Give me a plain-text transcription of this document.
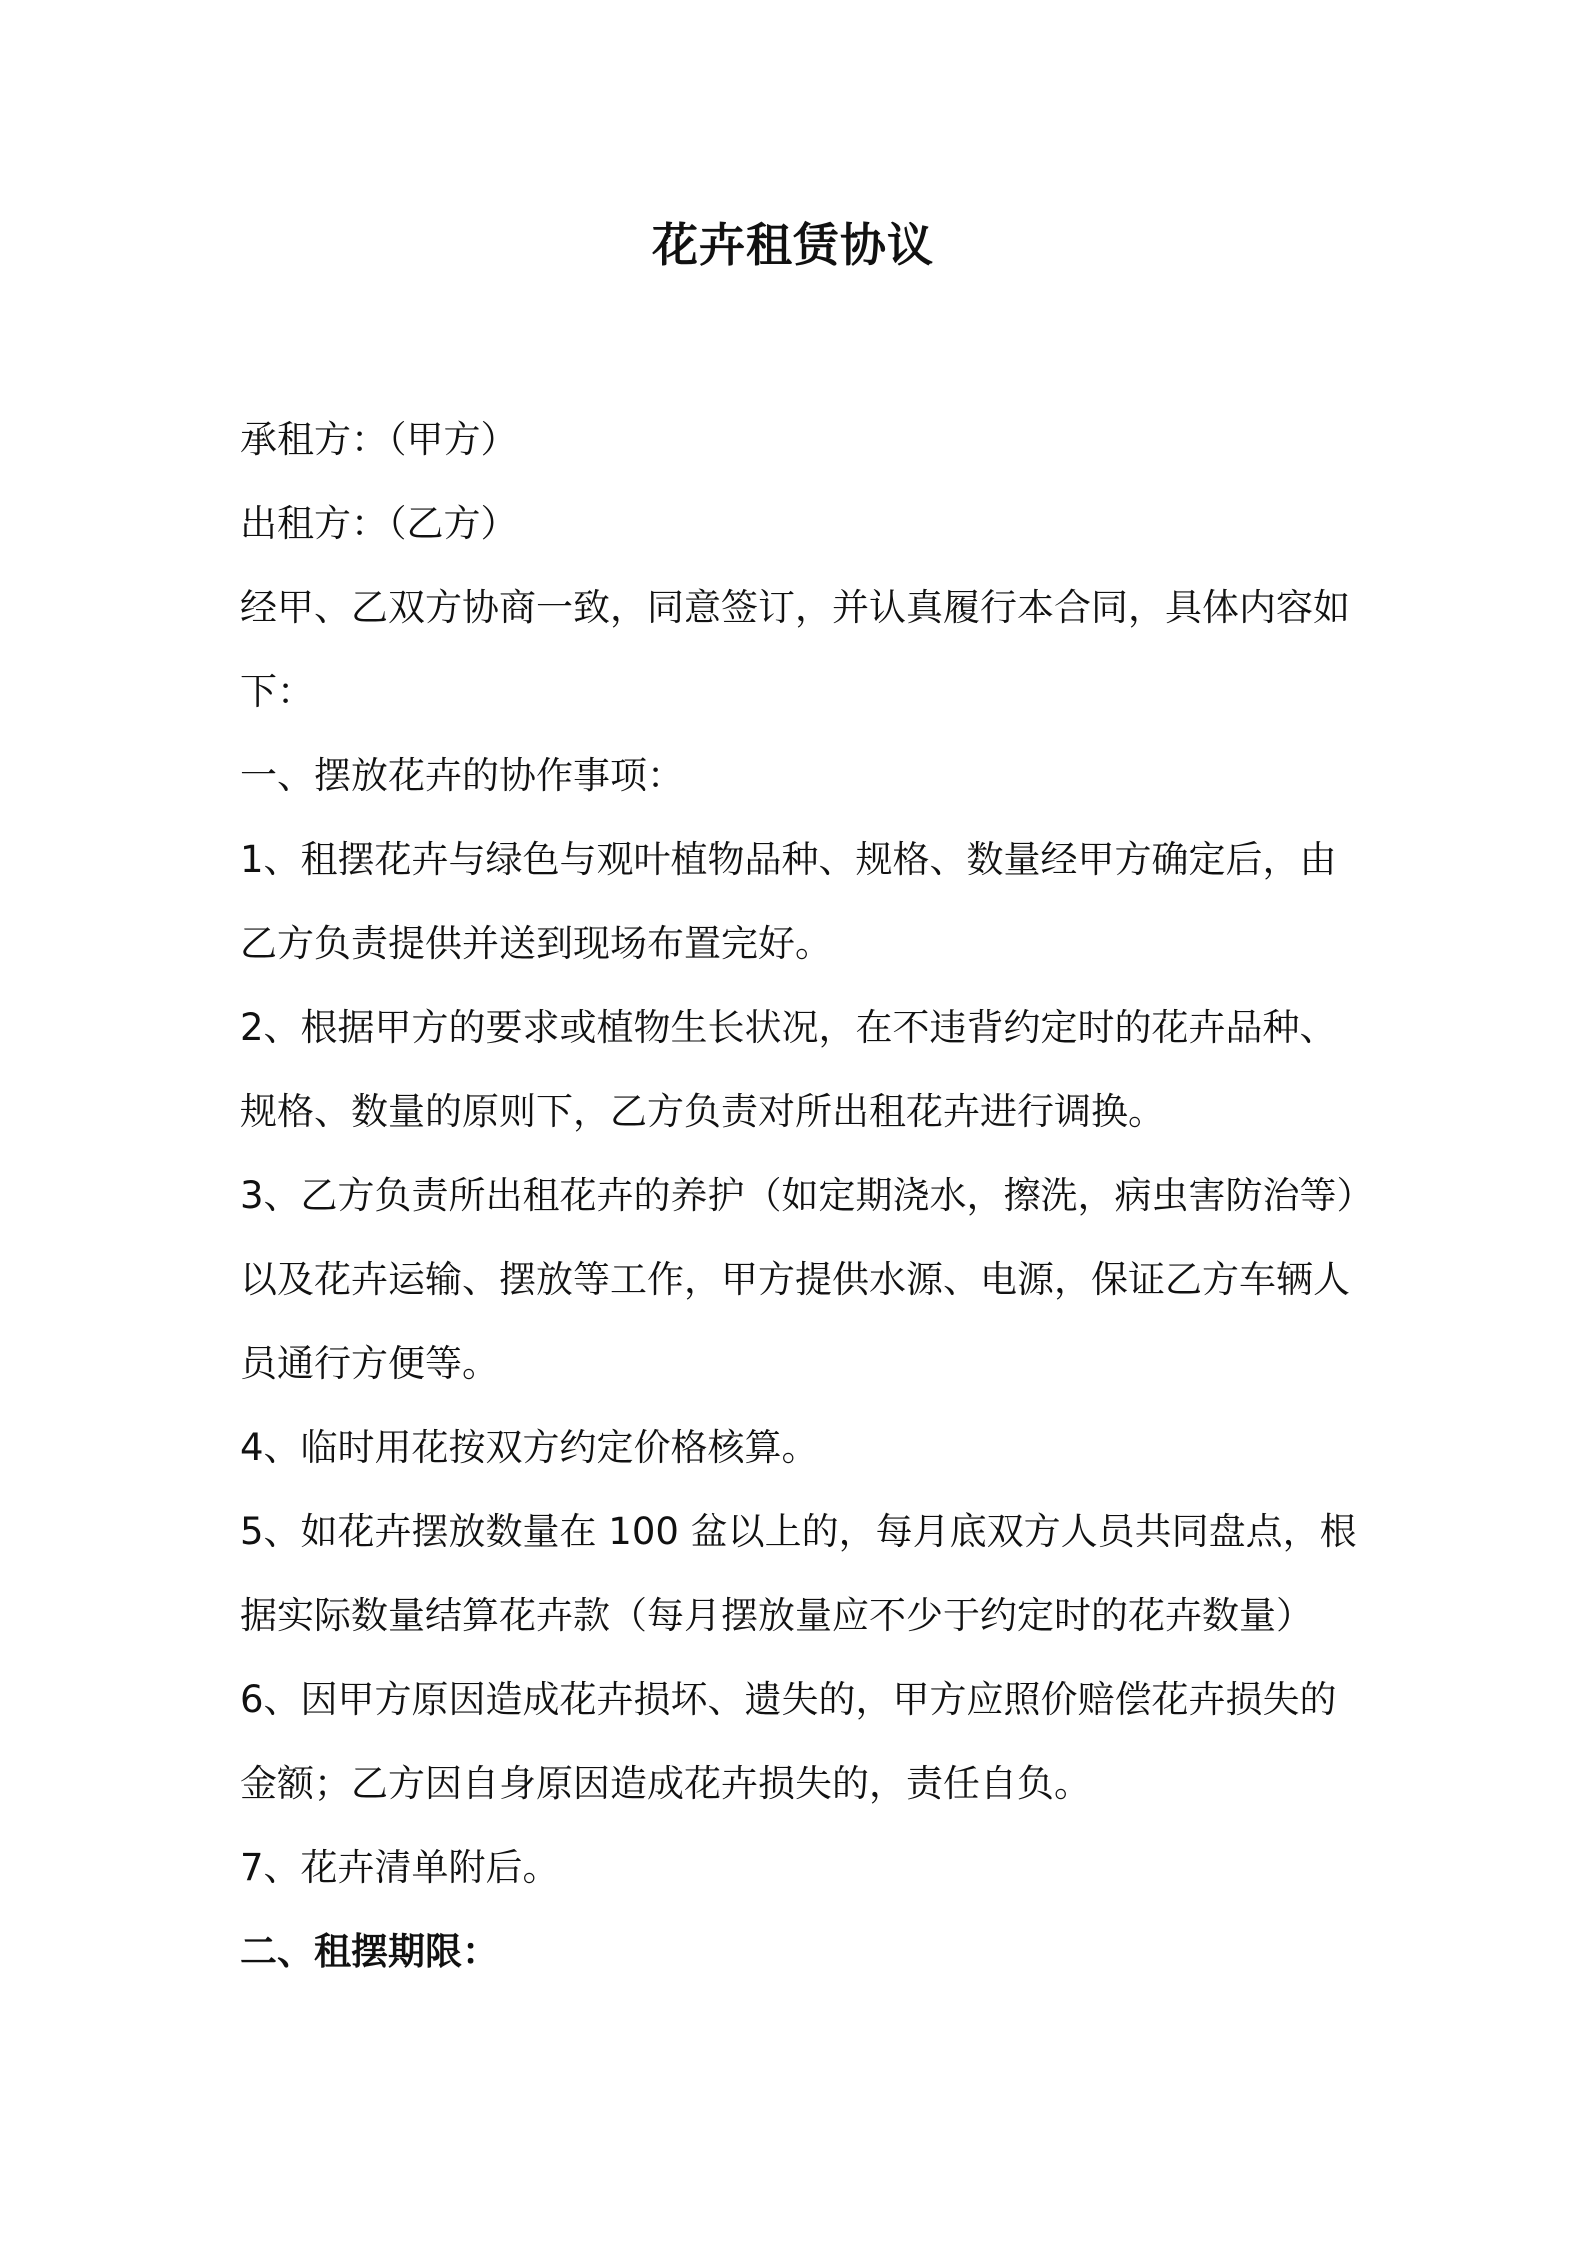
花卉租赁协议

承租方：（甲方）

出租方：（乙方）

经甲、乙双方协商一致，同意签订，并认真履行本合同，具体内容如

下：

一、摆放花卉的协作事项：

1、租摆花卉与绿色与观叶植物品种、规格、数量经甲方确定后，由

乙方负责提供并送到现场布置完好。

2、根据甲方的要求或植物生长状况，在不违背约定时的花卉品种、

规格、数量的原则下，乙方负责对所出租花卉进行调换。

3、乙方负责所出租花卉的养护（如定期浇水，擦洗，病虫害防治等）

以及花卉运输、摆放等工作，甲方提供水源、电源，保证乙方车辆人

员通行方便等。

4、临时用花按双方约定价格核算。

5、如花卉摆放数量在 100 盆以上的，每月底双方人员共同盘点，根

据实际数量结算花卉款（每月摆放量应不少于约定时的花卉数量）

6、因甲方原因造成花卉损坏、遗失的，甲方应照价赔偿花卉损失的

金额；乙方因自身原因造成花卉损失的，责任自负。

7、花卉清单附后。

二、租摆期限：
